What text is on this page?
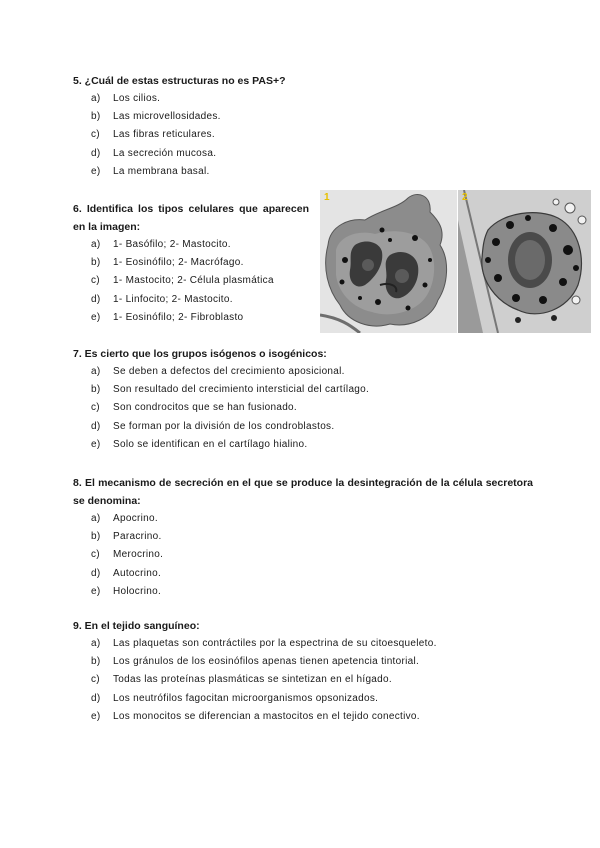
5. ¿Cuál de estas estructuras no es PAS+?

a)	Los cilios.
b)	Las microvellosidades.
c)	Las fibras reticulares.
d)	La secreción mucosa.
e)	La membrana basal.

6. Identifica los tipos celulares que aparecen en la imagen:

a)	1- Basófilo; 2- Mastocito.
b)	1- Eosinófilo; 2- Macrófago.
c)	1- Mastocito; 2- Célula plasmática
d)	1- Linfocito; 2- Mastocito.
e)	1- Eosinófilo; 2- Fibroblasto
1	2

7. Es cierto que los grupos isógenos o isogénicos:

a)	Se deben a defectos del crecimiento aposicional.
b)	Son resultado del crecimiento intersticial del cartílago.
c)	Son condrocitos que se han fusionado.
d)	Se forman por la división de los condroblastos.
e)	Solo se identifican en el cartílago hialino.

8. El mecanismo de secreción en el que se produce la desintegración de la célula secretora se denomina:

a)	Apocrino.
b)	Paracrino.
c)	Merocrino.
d)	Autocrino.
e)	Holocrino.

9. En el tejido sanguíneo:

a)	Las plaquetas son contráctiles por la espectrina de su citoesqueleto.
b)	Los gránulos de los eosinófilos apenas tienen apetencia tintorial.
c)	Todas las proteínas plasmáticas se sintetizan en el hígado.
d)	Los neutrófilos fagocitan microorganismos opsonizados.
e)	Los monocitos se diferencian a mastocitos en el tejido conectivo.
